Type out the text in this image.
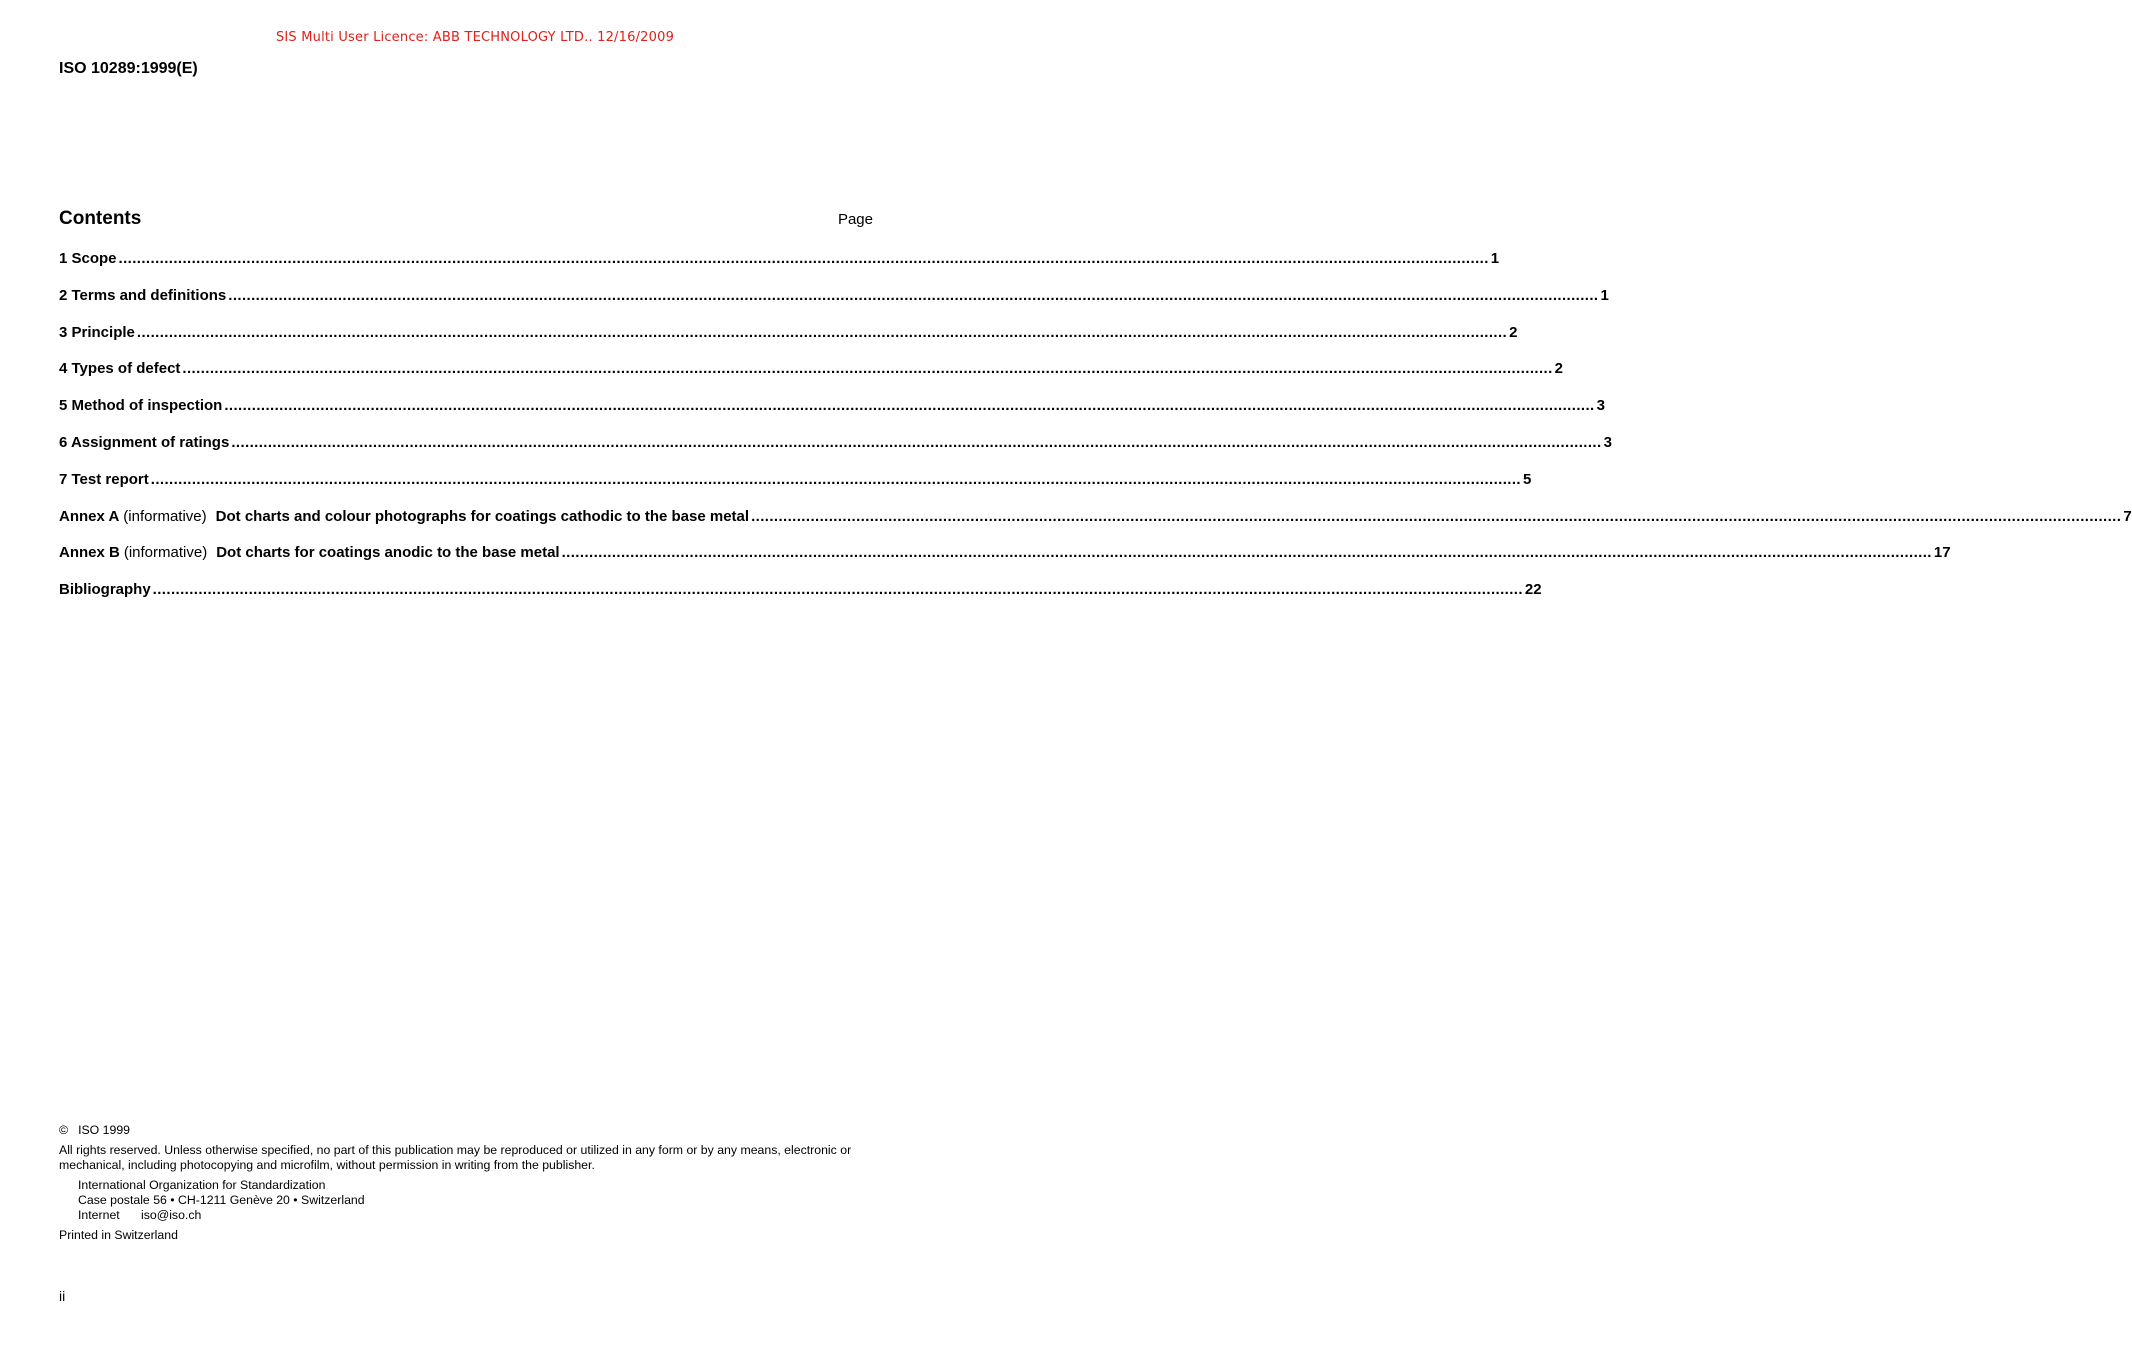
SIS Multi User Licence: ABB TECHNOLOGY LTD.. 12/16/2009
ISO 10289:1999(E)
Contents	Page
1 Scope ............................................................................................................................................................................................................................................................................................................ 1
2 Terms and definitions ............................................................................................................................................................................................................................................................................................................ 1
3 Principle ............................................................................................................................................................................................................................................................................................................ 2
4 Types of defect ............................................................................................................................................................................................................................................................................................................ 2
5 Method of inspection ............................................................................................................................................................................................................................................................................................................ 3
6 Assignment of ratings ............................................................................................................................................................................................................................................................................................................ 3
7 Test report ............................................................................................................................................................................................................................................................................................................ 5
Annex A (informative) Dot charts and colour photographs for coatings cathodic to the base metal ............................................................................................................................................................................................................................................................................................................ 7
Annex B (informative) Dot charts for coatings anodic to the base metal ............................................................................................................................................................................................................................................................................................................ 17
Bibliography ............................................................................................................................................................................................................................................................................................................ 22
© ISO 1999
All rights reserved. Unless otherwise specified, no part of this publication may be reproduced or utilized in any form or by any means, electronic or mechanical, including photocopying and microfilm, without permission in writing from the publisher.
International Organization for Standardization
Case postale 56 • CH-1211 Genève 20 • Switzerland
Internet iso@iso.ch
Printed in Switzerland
ii
